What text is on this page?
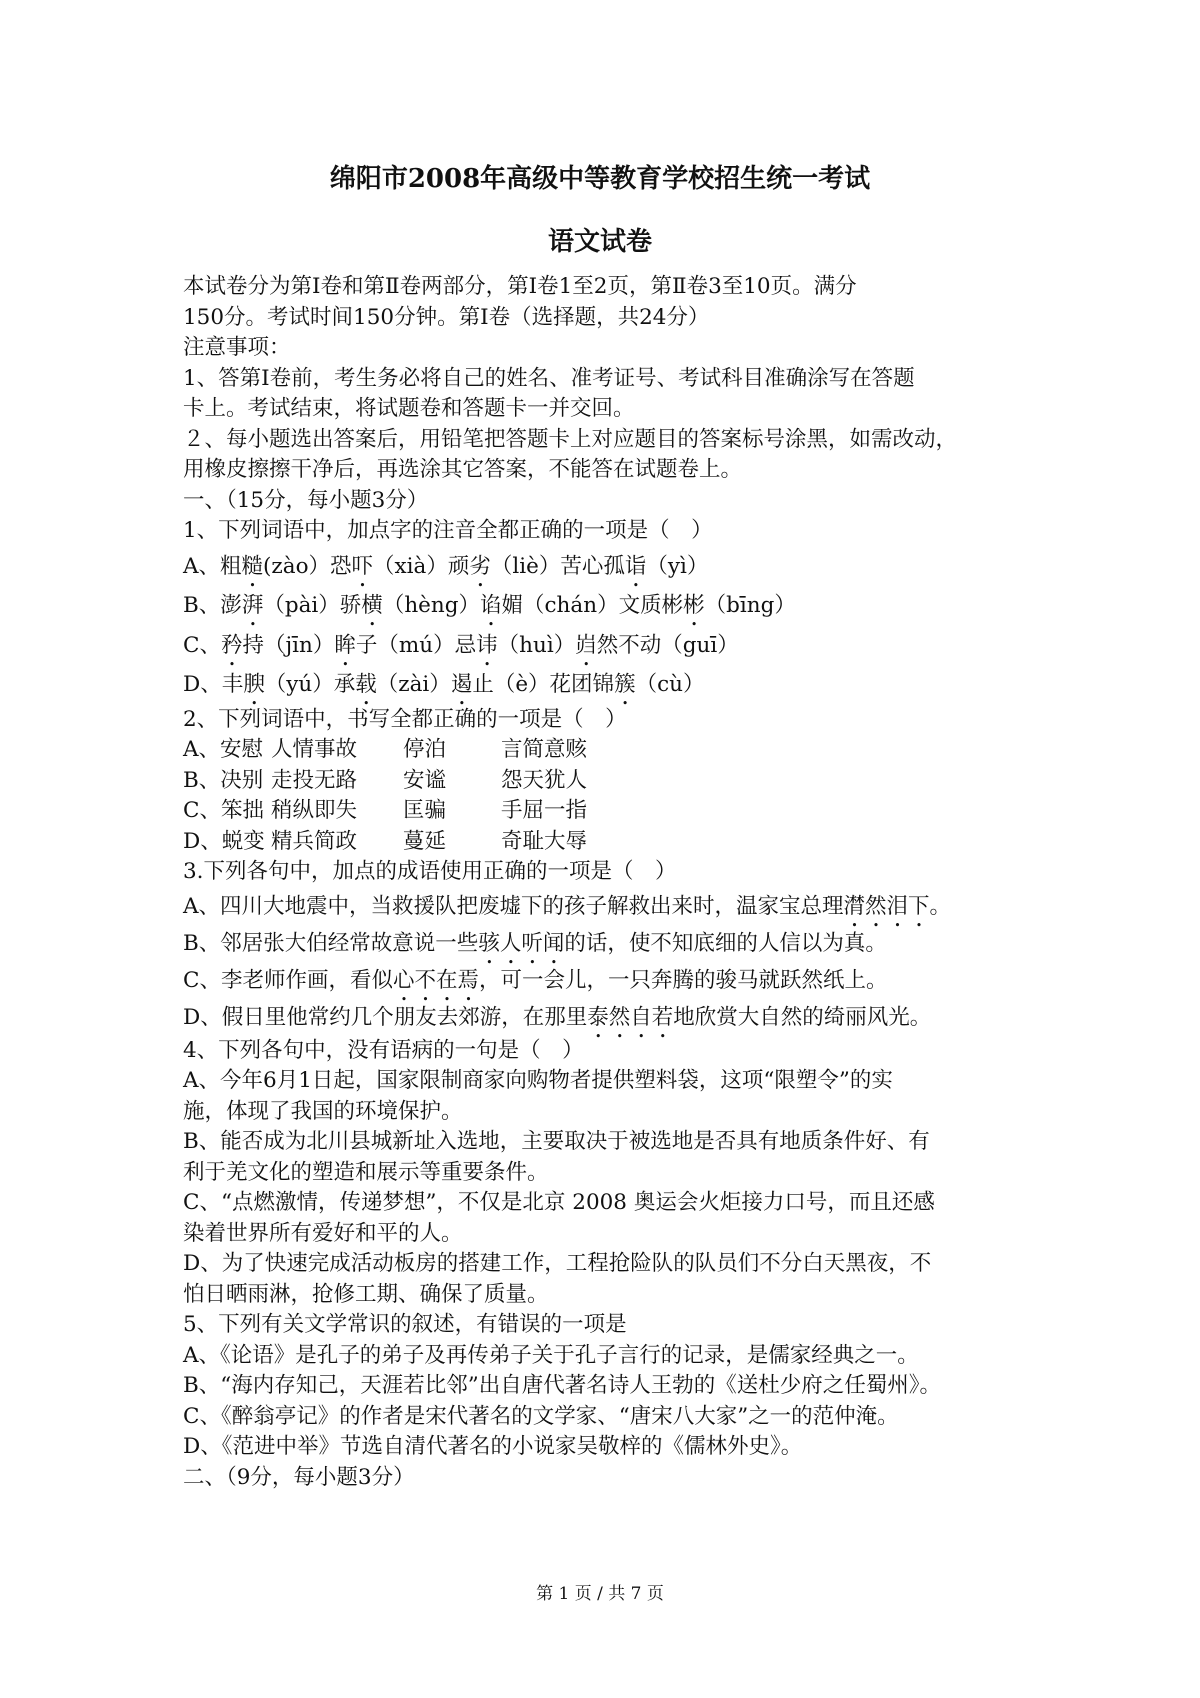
绵阳市2008年高级中等教育学校招生统一考试
语文试卷
本试卷分为第Ⅰ卷和第Ⅱ卷两部分，第Ⅰ卷1至2页，第Ⅱ卷3至10页。满分
150分。考试时间150分钟。第Ⅰ卷（选择题，共24分）
注意事项：
1、答第Ⅰ卷前，考生务必将自己的姓名、准考证号、考试科目准确涂写在答题
卡上。考试结束，将试题卷和答题卡一并交回。
２、每小题选出答案后，用铅笔把答题卡上对应题目的答案标号涂黑，如需改动，
用橡皮擦擦干净后，再选涂其它答案，不能答在试题卷上。
一、（15分，每小题3分）
1、下列词语中，加点字的注音全都正确的一项是（　）
A、粗糙(zào）恐吓（xià）顽劣（liè）苦心孤诣（yì）
B、澎湃（pài）骄横（hèng）谄媚（chán）文质彬彬（bīng）
C、矜持（jīn）眸子（mú）忌讳（huì）岿然不动（guī）
D、丰腴（yú）承载（zài）遏止（è）花团锦簇（cù）
2、下列词语中，书写全都正确的一项是（　）
A、安慰 人情事故 停泊	言简意赅
B、决别 走投无路 安谧	怨天犹人
C、笨拙 稍纵即失 匡骗	手屈一指
D、蜕变 精兵简政 蔓延	奇耻大辱
3.下列各句中，加点的成语使用正确的一项是（　）
A、四川大地震中，当救援队把废墟下的孩子解救出来时，温家宝总理潸然泪下。
B、邻居张大伯经常故意说一些骇人听闻的话，使不知底细的人信以为真。
C、李老师作画，看似心不在焉，可一会儿，一只奔腾的骏马就跃然纸上。
D、假日里他常约几个朋友去郊游，在那里泰然自若地欣赏大自然的绮丽风光。
4、下列各句中，没有语病的一句是（　）
A、今年6月1日起，国家限制商家向购物者提供塑料袋，这项“限塑令”的实
施，体现了我国的环境保护。
B、能否成为北川县城新址入选地，主要取决于被选地是否具有地质条件好、有
利于羌文化的塑造和展示等重要条件。
C、“点燃激情，传递梦想”，不仅是北京 2008 奥运会火炬接力口号，而且还感
染着世界所有爱好和平的人。
D、为了快速完成活动板房的搭建工作，工程抢险队的队员们不分白天黑夜，不
怕日晒雨淋，抢修工期、确保了质量。
5、下列有关文学常识的叙述，有错误的一项是
A、《论语》是孔子的弟子及再传弟子关于孔子言行的记录，是儒家经典之一。
B、“海内存知己，天涯若比邻”出自唐代著名诗人王勃的《送杜少府之任蜀州》。
C、《醉翁亭记》的作者是宋代著名的文学家、“唐宋八大家”之一的范仲淹。
D、《范进中举》节选自清代著名的小说家吴敬梓的《儒林外史》。
二、（9分，每小题3分）
第 1 页 / 共 7 页
